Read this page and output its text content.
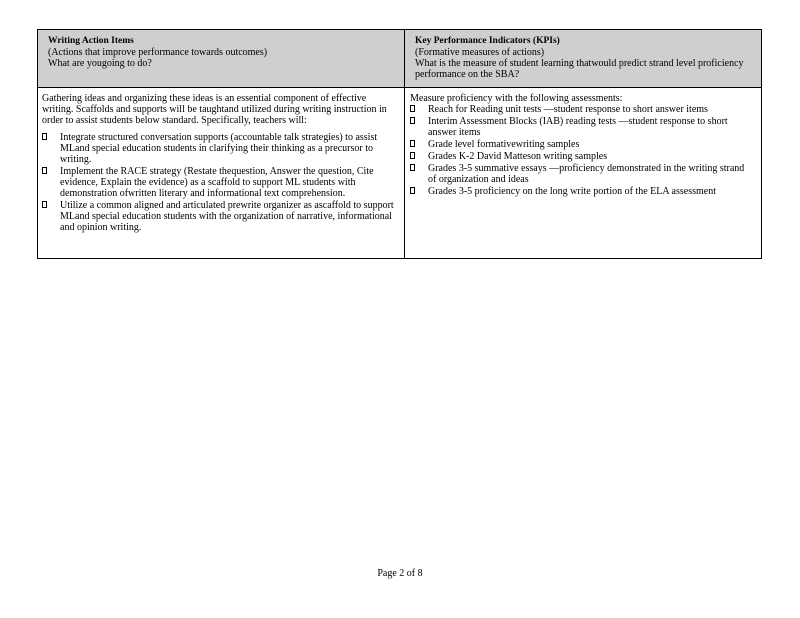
Writing Action Items
(Actions that improve performance towards outcomes)
What are yougoing to do?

Gathering ideas and organizing these ideas is an essential component of effective writing. Scaffolds and supports will be taughtand utilized during writing instruction in order to assist students below standard. Specifically, teachers will:

Integrate structured conversation supports (accountable talk strategies) to assist MLand special education students in clarifying their thinking as a precursor to writing.
Implement the RACE strategy (Restate thequestion, Answer the question, Cite evidence, Explain the evidence) as a scaffold to support ML students with demonstration ofwritten literary and informational text comprehension.
Utilize a common aligned and articulated prewrite organizer as ascaffold to support MLand special education students with the organization of narrative, informational and opinion writing.
Key Performance Indicators (KPIs)
(Formative measures of actions)
What is the measure of student learning thatwould predict strand level proficiency performance on the SBA?
Measure proficiency with the following assessments:
Reach for Reading unit tests —student response to short answer items
Interim Assessment Blocks (IAB) reading tests —student response to short answer items
Grade level formativewriting samples
Grades K-2 David Matteson writing samples
Grades 3-5 summative essays —proficiency demonstrated in the writing strand of organization and ideas
Grades 3-5 proficiency on the long write portion of the ELA assessment
Page 2 of 8
